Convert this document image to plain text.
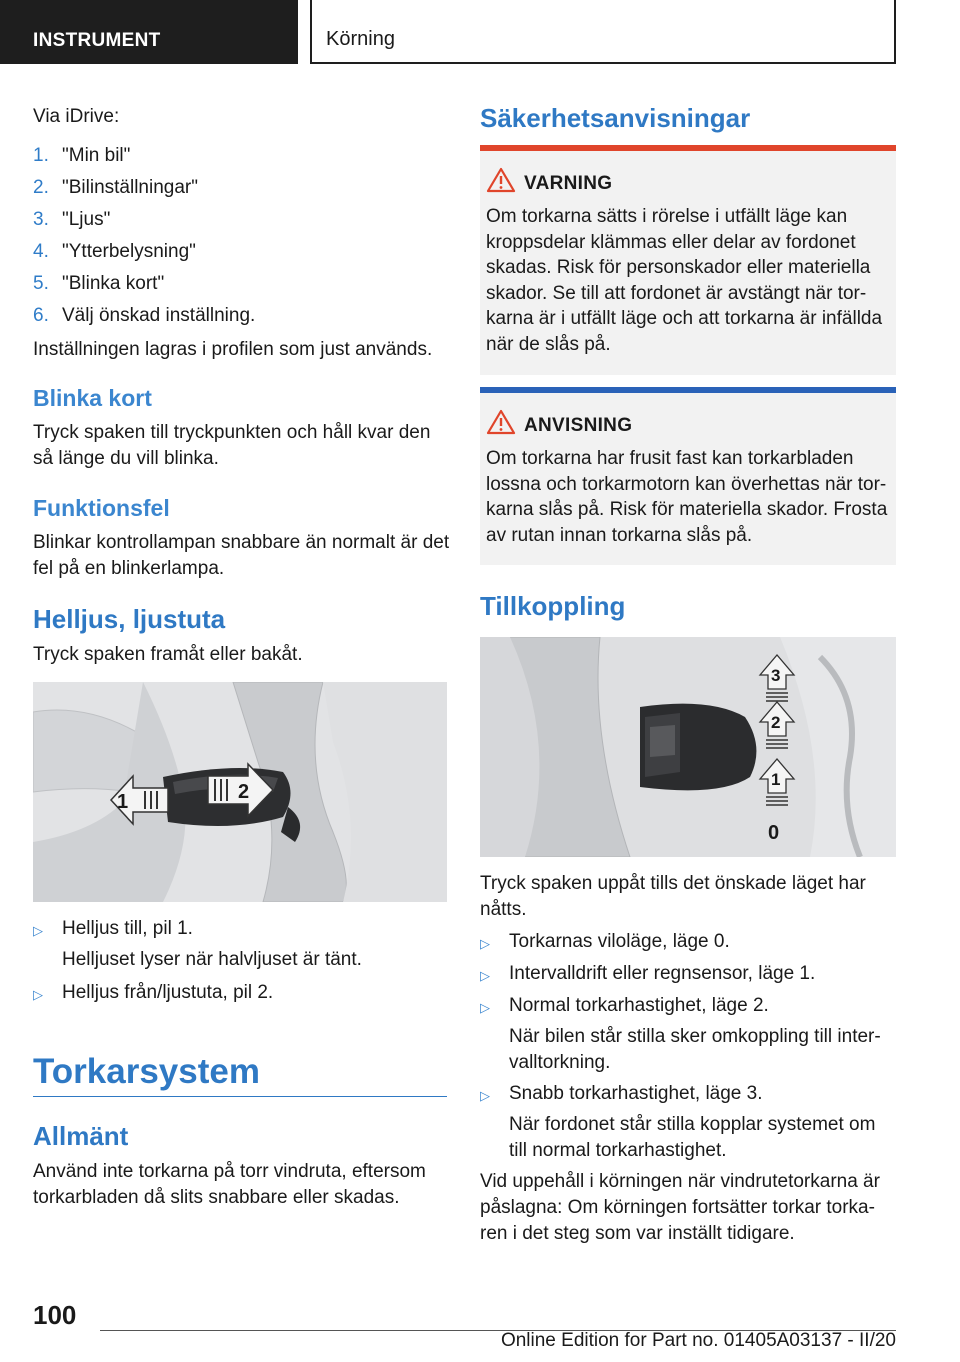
INSTRUMENT	Körning

Via iDrive:

1. "Min bil"
2. "Bilinställningar"
3. "Ljus"
4. "Ytterbelysning"
5. "Blinka kort"
6. Välj önskad inställning.

Inställningen lagras i profilen som just används.

Blinka kort

Tryck spaken till tryckpunkten och håll kvar den

så länge du vill blinka.

Funktionsfel

Blinkar kontrollampan snabbare än normalt är det

fel på en blinkerlampa.

Helljus, ljustuta

Tryck spaken framåt eller bakåt.

1	2
▷ Helljus till, pil 1.
Helljuset lyser när halvljuset är tänt.
▷ Helljus från/ljustuta, pil 2.
Torkarsystem
Allmänt

Använd inte torkarna på torr vindruta, eftersom

torkarbladen då slits snabbare eller skadas.

Säkerhetsanvisningar
VARNING
Om torkarna sätts i rörelse i utfällt läge kan
kroppsdelar klämmas eller delar av fordonet
skadas. Risk för personskador eller materiella
skador. Se till att fordonet är avstängt när tor-
karna är i utfällt läge och att torkarna är infällda
när de slås på.
ANVISNING
Om torkarna har frusit fast kan torkarbladen
lossna och torkarmotorn kan överhettas när tor-
karna slås på. Risk för materiella skador. Frosta
av rutan innan torkarna slås på.
Tillkoppling
3
2
1
0

Tryck spaken uppåt tills det önskade läget har

nåtts.

▷ Torkarnas viloläge, läge 0.
▷ Intervalldrift eller regnsensor, läge 1.
▷ Normal torkarhastighet, läge 2.
När bilen står stilla sker omkoppling till inter-
valltorkning.
▷ Snabb torkarhastighet, läge 3.
När fordonet står stilla kopplar systemet om
till normal torkarhastighet.

Vid uppehåll i körningen när vindrutetorkarna är

påslagna: Om körningen fortsätter torkar torka-

ren i det steg som var inställt tidigare.

100
Online Edition for Part no. 01405A03137 - II/20
